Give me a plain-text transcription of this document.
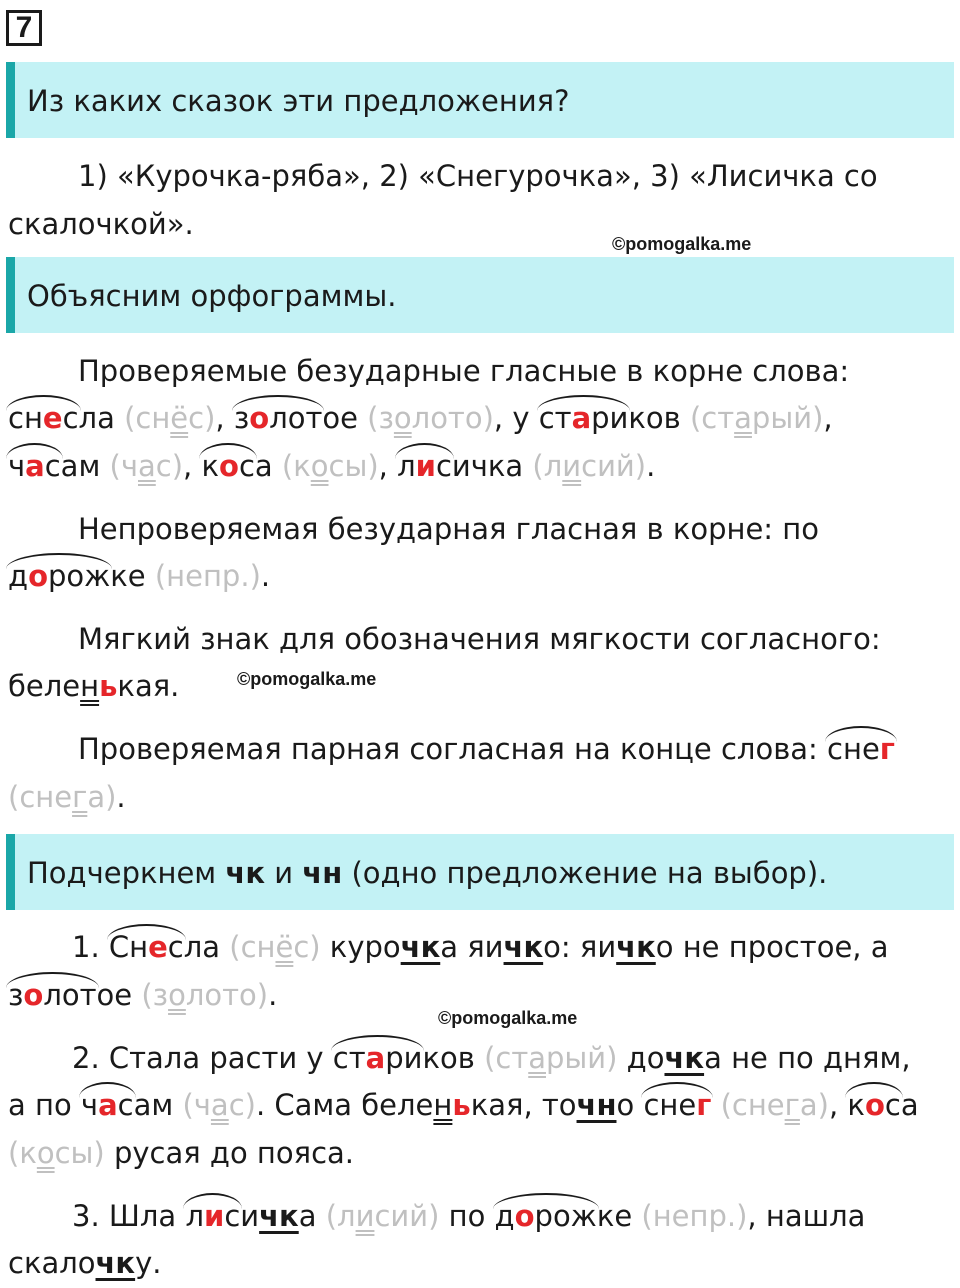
7
Из каких сказок эти предложения?
1) «Курочка-ряба», 2) «Снегурочка», 3) «Лисичка со
скалочкой».
©pomogalka.me
Объясним орфограммы.
Проверяемые безударные гласные в корне слова:
снесла (снёс), золотое (золото), у стариков (старый),
часам (час), коса (косы), лисичка (лисий).
Непроверяемая безударная гласная в корне: по
дорожке (непр.).
Мягкий знак для обозначения мягкости согласного:
беленькая.	©pomogalka.me
Проверяемая парная согласная на конце слова: снег
(снега).
Подчеркнем чк и чн (одно предложение на выбор).
1. Снесла (снёс) курочка яичко: яичко не простое, а
золотое (золото).
©pomogalka.me
2. Стала расти у стариков (старый) дочка не по дням,
а по часам (час). Сама беленькая, точно снег (снега), коса
(косы) русая до пояса.
3. Шла лисичка (лисий) по дорожке (непр.), нашла
скалочку.
